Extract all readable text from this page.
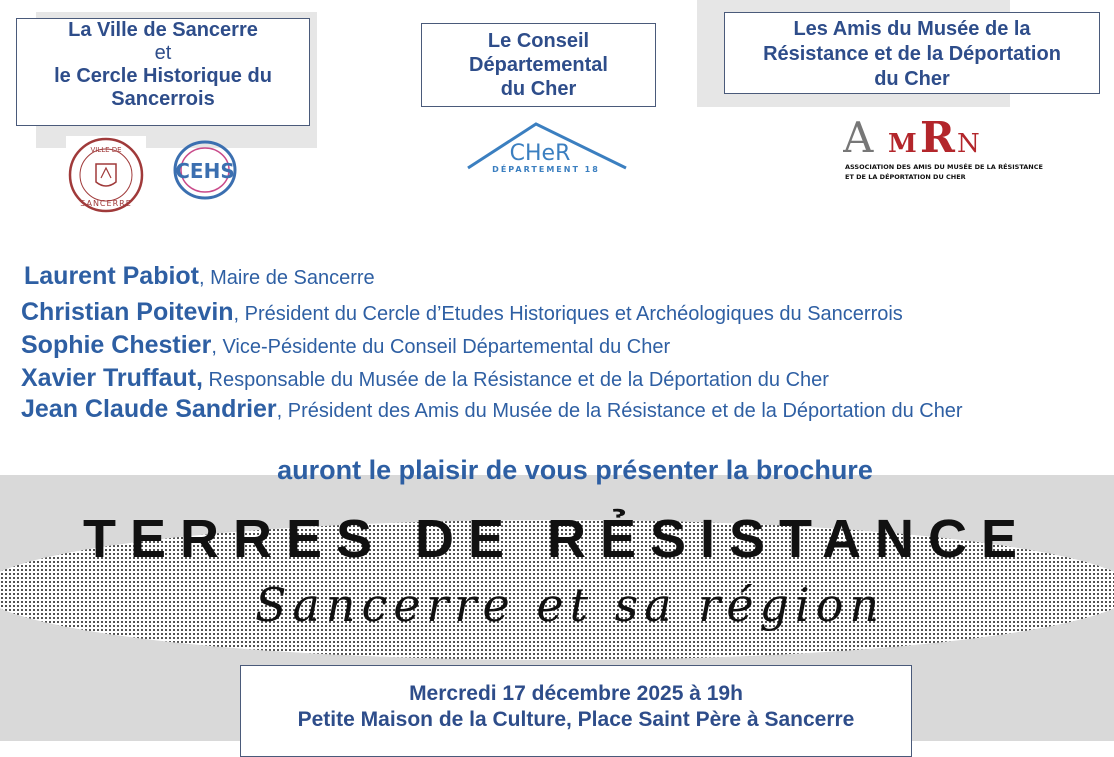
La Ville de Sancerre
et
le Cercle Historique du Sancerrois
Le Conseil
Départemental
du Cher
Les Amis du Musée de la
Résistance et de la Déportation
du Cher
VILLE DE
SANCERRE
CEHS
CHeR
DÉPARTEMENT 18
A M R N
ASSOCIATION DES AMIS DU MUSÉE DE LA RÉSISTANCE
ET DE LA DÉPORTATION DU CHER
Laurent Pabiot, Maire de Sancerre
Christian Poitevin, Président du Cercle d’Etudes Historiques et Archéologiques du Sancerrois
Sophie Chestier, Vice-Pésidente du Conseil Départemental du Cher
Xavier Truffaut, Responsable du Musée de la Résistance et de la Déportation du Cher
Jean Claude Sandrier, Président des Amis du Musée de la Résistance et de la Déportation du Cher
auront le plaisir de vous présenter la brochure
TERRES DE RẺSISTANCE
Sancerre et sa région
Mercredi 17 décembre 2025 à 19h
Petite Maison de la Culture, Place Saint Père à Sancerre
